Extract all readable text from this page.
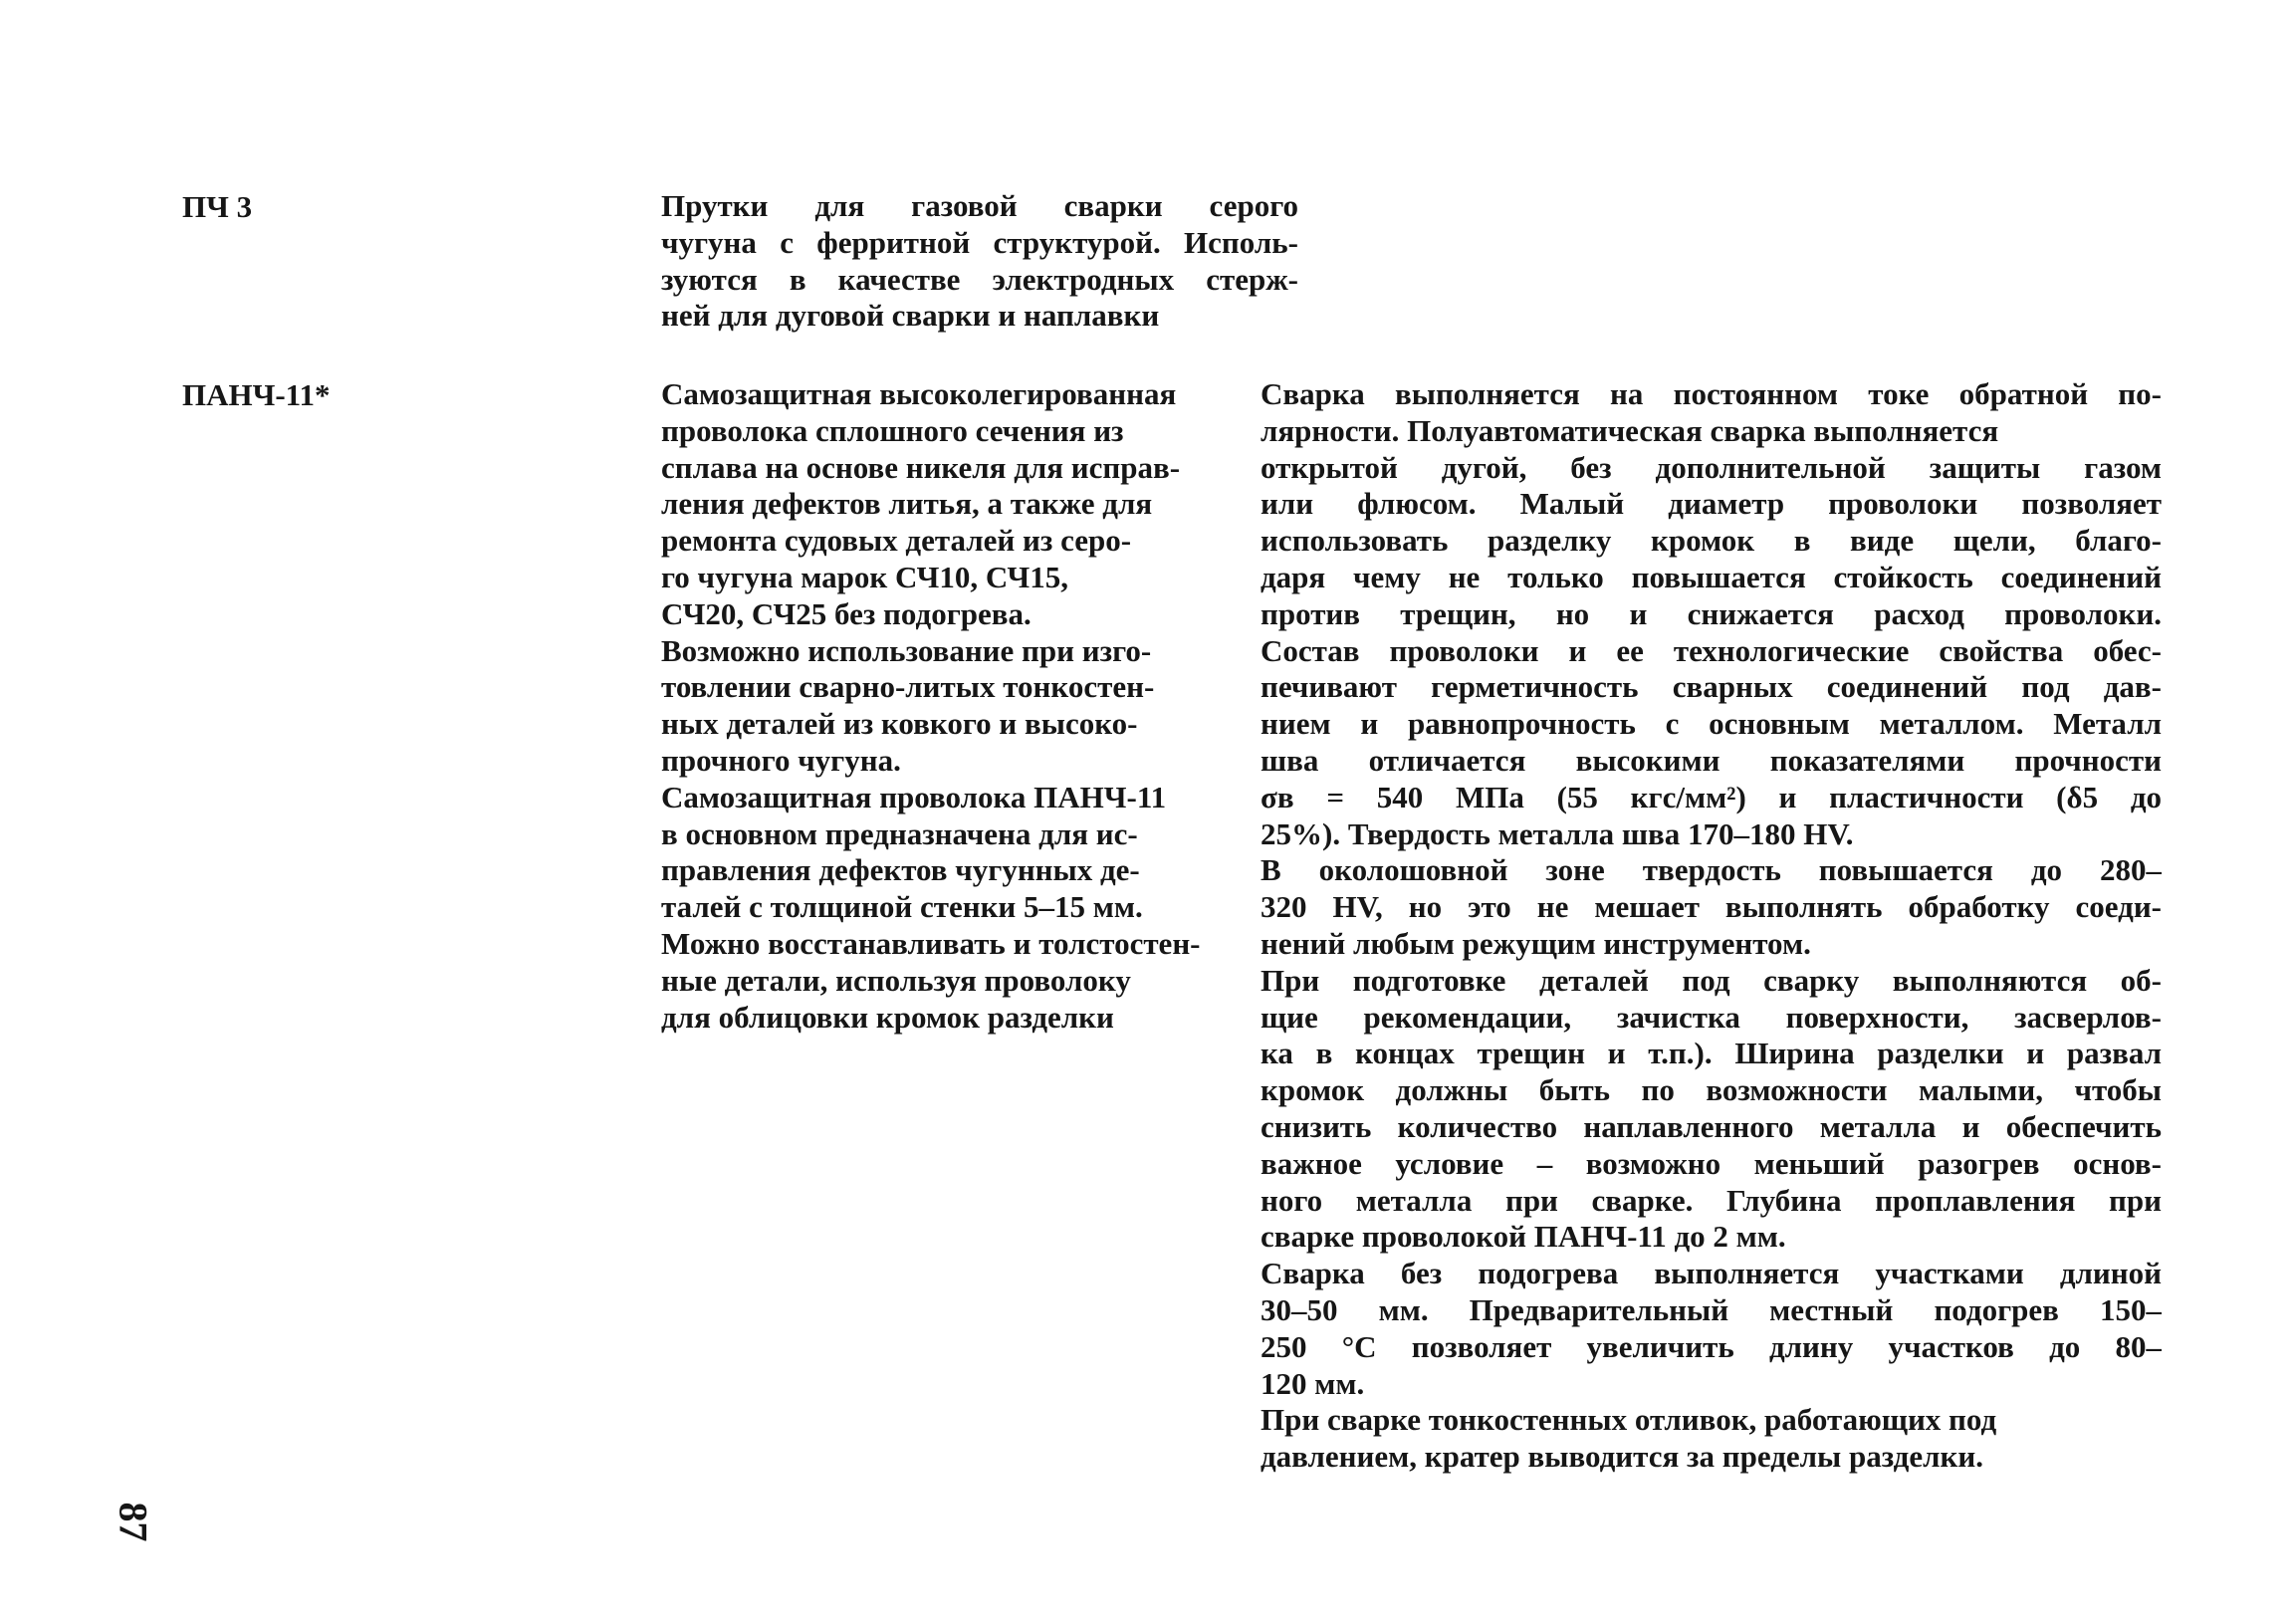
ПЧ 3	Прутки для газовой сварки серого
чугуна с ферритной структурой. Исполь-
зуются в качестве электродных стерж-
ней для дуговой сварки и наплавки
ПАНЧ-11*	Самозащитная высоколегированная
проволока сплошного сечения из
сплава на основе никеля для исправ-
ления дефектов литья, а также для
ремонта судовых деталей из серо-
го чугуна марок СЧ10, СЧ15,
СЧ20, СЧ25 без подогрева.
Возможно использование при изго-
товлении сварно-литых тонкостен-
ных деталей из ковкого и высоко-
прочного чугуна.
Самозащитная проволока ПАНЧ-11
в основном предназначена для ис-
правления дефектов чугунных де-
талей с толщиной стенки 5–15 мм.
Можно восстанавливать и толстостен-
ные детали, используя проволоку
для облицовки кромок разделки
Сварка выполняется на постоянном токе обратной по-
лярности. Полуавтоматическая сварка выполняется
открытой дугой, без дополнительной защиты газом
или флюсом. Малый диаметр проволоки позволяет
использовать разделку кромок в виде щели, благо-
даря чему не только повышается стойкость соединений
против трещин, но и снижается расход проволоки.
Состав проволоки и ее технологические свойства обес-
печивают герметичность сварных соединений под дав-
нием и равнопрочность с основным металлом. Металл
шва отличается высокими показателями прочности
σв = 540 МПа (55 кгс/мм²) и пластичности (δ5 до
25%). Твердость металла шва 170–180 HV.
В околошовной зоне твердость повышается до 280–
320 HV, но это не мешает выполнять обработку соеди-
нений любым режущим инструментом.
При подготовке деталей под сварку выполняются об-
щие рекомендации, зачистка поверхности, засверлов-
ка в концах трещин и т.п.). Ширина разделки и развал
кромок должны быть по возможности малыми, чтобы
снизить количество наплавленного металла и обеспечить
важное условие – возможно меньший разогрев основ-
ного металла при сварке. Глубина проплавления при
сварке проволокой ПАНЧ-11 до 2 мм.
Сварка без подогрева выполняется участками длиной
30–50 мм. Предварительный местный подогрев 150–
250 °С позволяет увеличить длину участков до 80–
120 мм.
При сварке тонкостенных отливок, работающих под
давлением, кратер выводится за пределы разделки.
87
